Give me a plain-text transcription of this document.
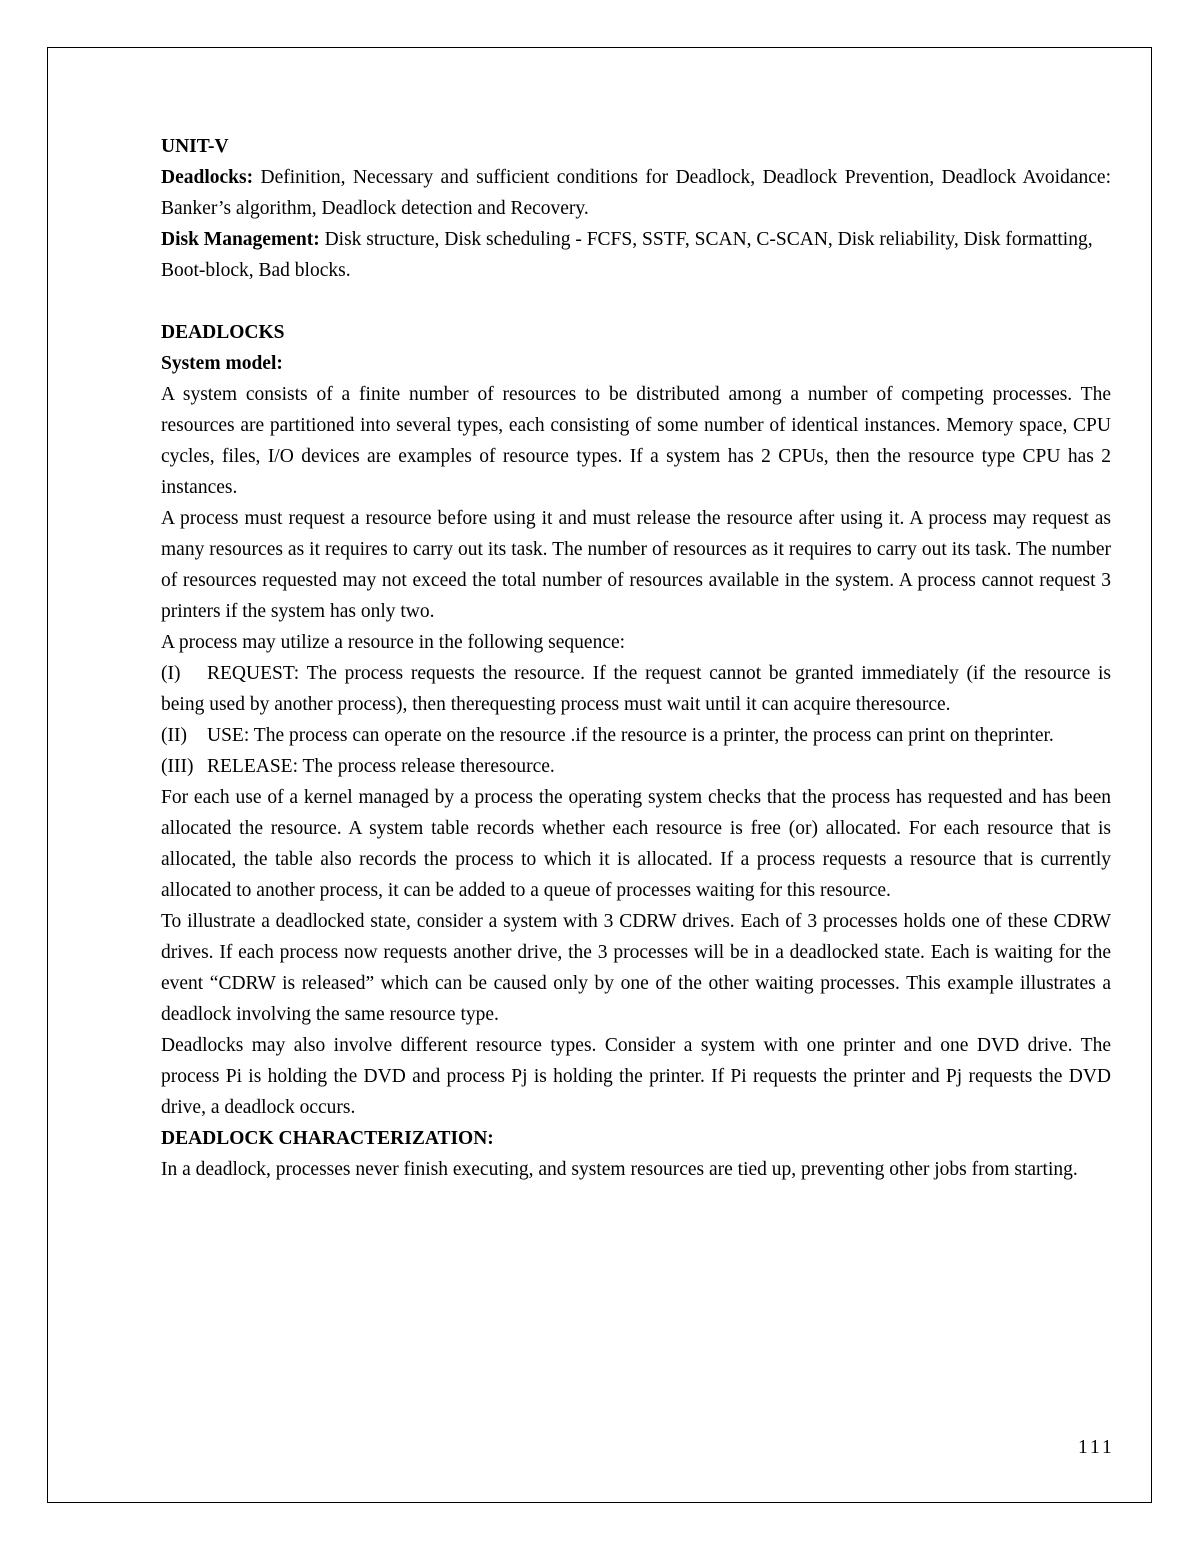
UNIT-V

Deadlocks: Definition, Necessary and sufficient conditions for Deadlock, Deadlock Prevention, Deadlock Avoidance: Banker’s algorithm, Deadlock detection and Recovery.

Disk Management: Disk structure, Disk scheduling - FCFS, SSTF, SCAN, C-SCAN, Disk reliability, Disk formatting, Boot-block, Bad blocks.

DEADLOCKS

System model:

A system consists of a finite number of resources to be distributed among a number of competing processes. The resources are partitioned into several types, each consisting of some number of identical instances. Memory space, CPU cycles, files, I/O devices are examples of resource types. If a system has 2 CPUs, then the resource type CPU has 2 instances.

A process must request a resource before using it and must release the resource after using it. A process may request as many resources as it requires to carry out its task. The number of resources as it requires to carry out its task. The number of resources requested may not exceed the total number of resources available in the system. A process cannot request 3 printers if the system has only two.

A process may utilize a resource in the following sequence:

(I) REQUEST: The process requests the resource. If the request cannot be granted immediately (if the resource is being used by another process), then therequesting process must wait until it can acquire theresource.

(II) USE: The process can operate on the resource .if the resource is a printer, the process can print on theprinter.

(III) RELEASE: The process release theresource.

For each use of a kernel managed by a process the operating system checks that the process has requested and has been allocated the resource. A system table records whether each resource is free (or) allocated. For each resource that is allocated, the table also records the process to which it is allocated. If a process requests a resource that is currently allocated to another process, it can be added to a queue of processes waiting for this resource.

To illustrate a deadlocked state, consider a system with 3 CDRW drives. Each of 3 processes holds one of these CDRW drives. If each process now requests another drive, the 3 processes will be in a deadlocked state. Each is waiting for the event “CDRW is released” which can be caused only by one of the other waiting processes. This example illustrates a deadlock involving the same resource type.

Deadlocks may also involve different resource types. Consider a system with one printer and one DVD drive. The process Pi is holding the DVD and process Pj is holding the printer. If Pi requests the printer and Pj requests the DVD drive, a deadlock occurs.

DEADLOCK CHARACTERIZATION:

In a deadlock, processes never finish executing, and system resources are tied up, preventing other jobs from starting.

111
